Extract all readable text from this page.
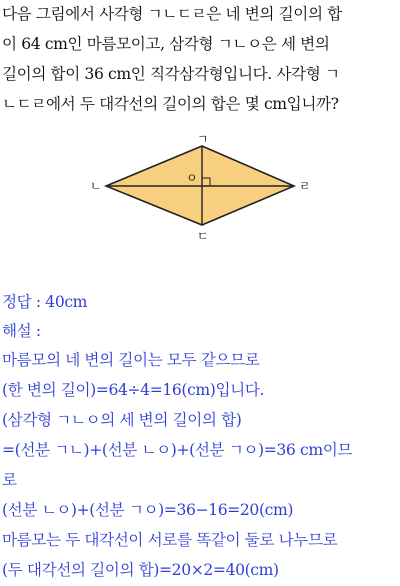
다음 그림에서 사각형 ㄱㄴㄷㄹ은 네 변의 길이의 합
이 64 cm인 마름모이고, 삼각형 ㄱㄴㅇ은 세 변의
길이의 합이 36 cm인 직각삼각형입니다. 사각형 ㄱ
ㄴㄷㄹ에서 두 대각선의 길이의 합은 몇 cm입니까?
ㄱ
ㄴ
ㄷ
ㄹ
ㅇ
정답 : 40cm
해설 :
마름모의 네 변의 길이는 모두 같으므로
(한 변의 길이)=64÷4=16(cm)입니다.
(삼각형 ㄱㄴㅇ의 세 변의 길이의 합)
=(선분 ㄱㄴ)+(선분 ㄴㅇ)+(선분 ㄱㅇ)=36 cm이므
로
(선분 ㄴㅇ)+(선분 ㄱㅇ)=36−16=20(cm)
마름모는 두 대각선이 서로를 똑같이 둘로 나누므로
(두 대각선의 길이의 합)=20×2=40(cm)
